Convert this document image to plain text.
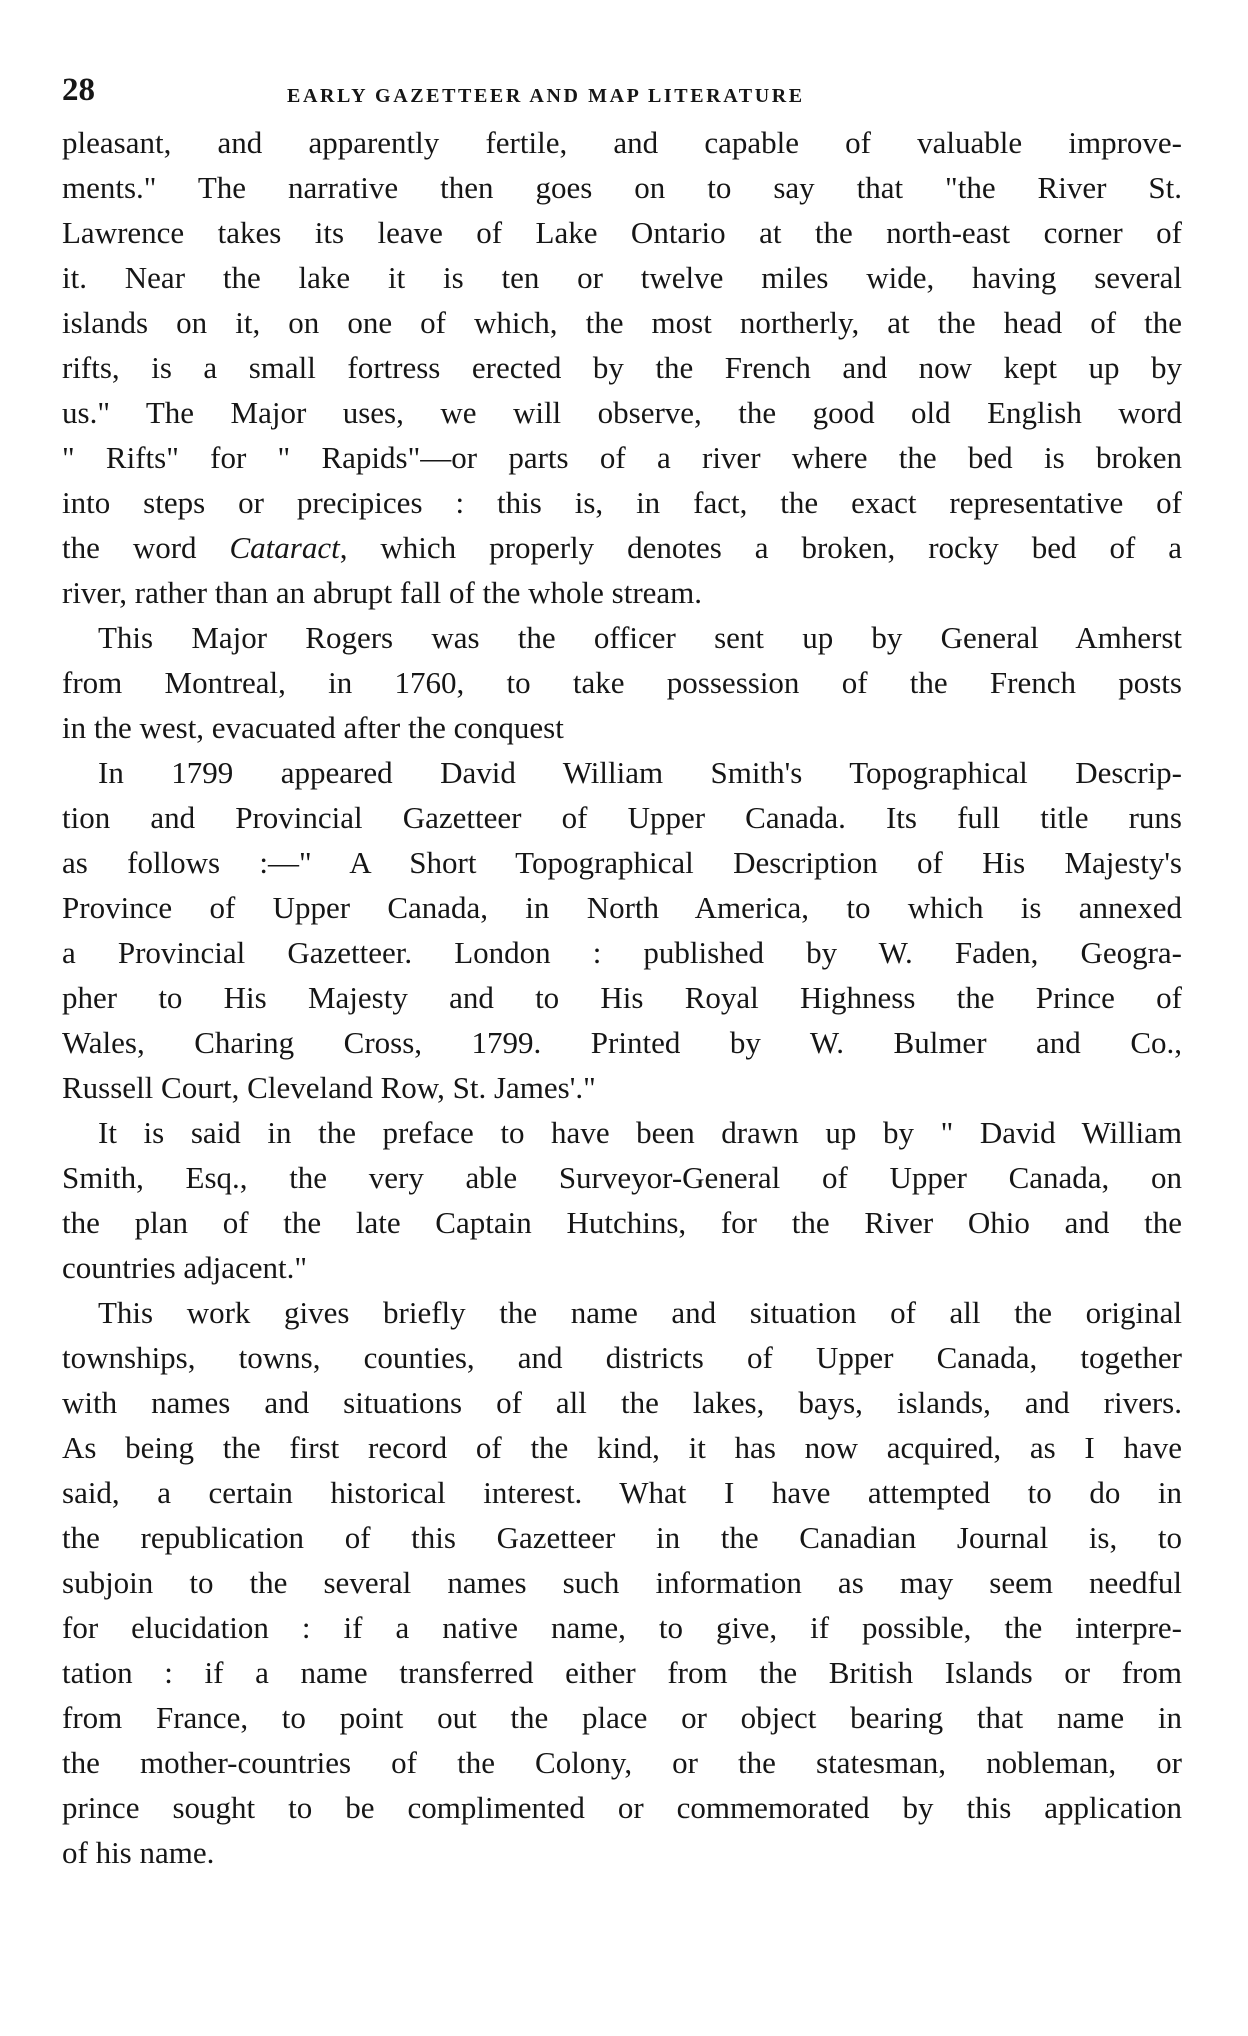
28	EARLY GAZETTEER AND MAP LITERATURE
pleasant, and apparently fertile, and capable of valuable improve-
ments." The narrative then goes on to say that "the River St.
Lawrence takes its leave of Lake Ontario at the north-east corner of
it. Near the lake it is ten or twelve miles wide, having several
islands on it, on one of which, the most northerly, at the head of the
rifts, is a small fortress erected by the French and now kept up by
us." The Major uses, we will observe, the good old English word
" Rifts" for " Rapids"—or parts of a river where the bed is broken
into steps or precipices : this is, in fact, the exact representative of
the word Cataract, which properly denotes a broken, rocky bed of a
river, rather than an abrupt fall of the whole stream.
This Major Rogers was the officer sent up by General Amherst
from Montreal, in 1760, to take possession of the French posts
in the west, evacuated after the conquest
In 1799 appeared David William Smith's Topographical Descrip-
tion and Provincial Gazetteer of Upper Canada. Its full title runs
as follows :—" A Short Topographical Description of His Majesty's
Province of Upper Canada, in North America, to which is annexed
a Provincial Gazetteer. London : published by W. Faden, Geogra-
pher to His Majesty and to His Royal Highness the Prince of
Wales, Charing Cross, 1799. Printed by W. Bulmer and Co.,
Russell Court, Cleveland Row, St. James'."
It is said in the preface to have been drawn up by " David William
Smith, Esq., the very able Surveyor-General of Upper Canada, on
the plan of the late Captain Hutchins, for the River Ohio and the
countries adjacent."
This work gives briefly the name and situation of all the original
townships, towns, counties, and districts of Upper Canada, together
with names and situations of all the lakes, bays, islands, and rivers.
As being the first record of the kind, it has now acquired, as I have
said, a certain historical interest. What I have attempted to do in
the republication of this Gazetteer in the Canadian Journal is, to
subjoin to the several names such information as may seem needful
for elucidation : if a native name, to give, if possible, the interpre-
tation : if a name transferred either from the British Islands or from
from France, to point out the place or object bearing that name in
the mother-countries of the Colony, or the statesman, nobleman, or
prince sought to be complimented or commemorated by this application
of his name.
